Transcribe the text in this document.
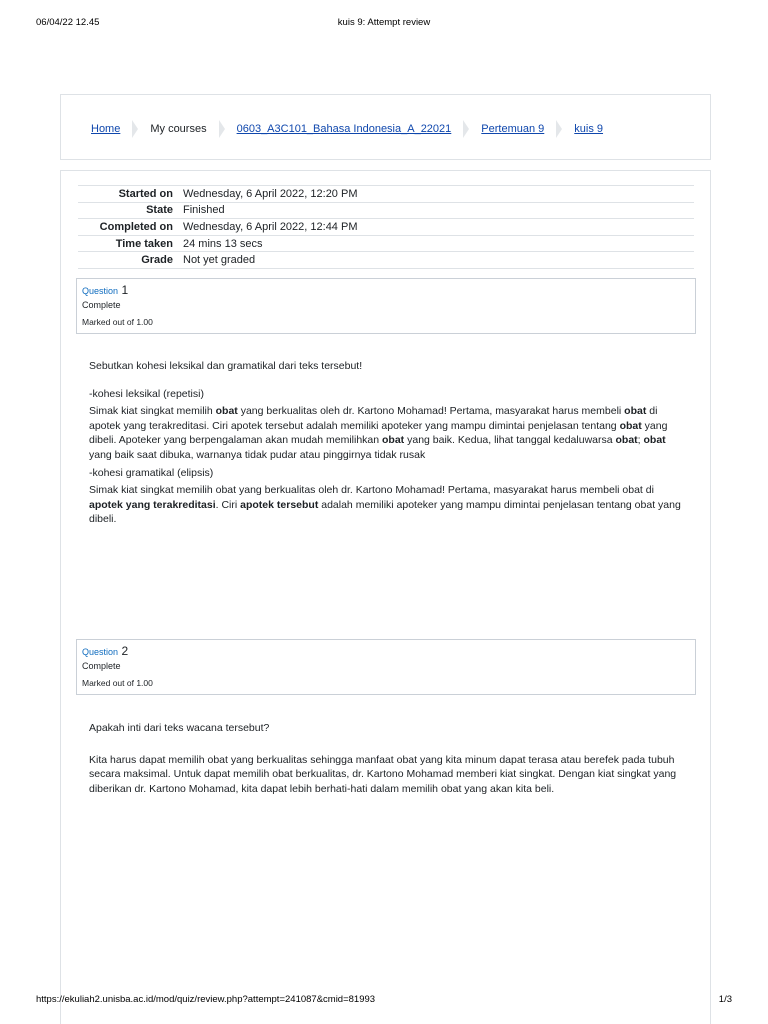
06/04/22 12.45	kuis 9: Attempt review
Home	My courses	0603_A3C101_Bahasa Indonesia_A_22021	Pertemuan 9	kuis 9
Started on	Wednesday, 6 April 2022, 12:20 PM
State	Finished
Completed on	Wednesday, 6 April 2022, 12:44 PM
Time taken	24 mins 13 secs
Grade	Not yet graded
Question 1
Complete
Marked out of 1.00

Sebutkan kohesi leksikal dan gramatikal dari teks tersebut!

-kohesi leksikal (repetisi)

Simak kiat singkat memilih obat yang berkualitas oleh dr. Kartono Mohamad! Pertama, masyarakat harus membeli obat di apotek yang terakreditasi. Ciri apotek tersebut adalah memiliki apoteker yang mampu dimintai penjelasan tentang obat yang dibeli. Apoteker yang berpengalaman akan mudah memilihkan obat yang baik. Kedua, lihat tanggal kedaluwarsa obat; obat yang baik saat dibuka, warnanya tidak pudar atau pinggirnya tidak rusak

-kohesi gramatikal (elipsis)

Simak kiat singkat memilih obat yang berkualitas oleh dr. Kartono Mohamad! Pertama, masyarakat harus membeli obat di apotek yang terakreditasi. Ciri apotek tersebut adalah memiliki apoteker yang mampu dimintai penjelasan tentang obat yang dibeli.

Question 2
Complete
Marked out of 1.00

Apakah inti dari teks wacana tersebut?

Kita harus dapat memilih obat yang berkualitas sehingga manfaat obat yang kita minum dapat terasa atau berefek pada tubuh secara maksimal. Untuk dapat memilih obat berkualitas, dr. Kartono Mohamad memberi kiat singkat. Dengan kiat singkat yang diberikan dr. Kartono Mohamad, kita dapat lebih berhati-hati dalam memilih obat yang akan kita beli.

https://ekuliah2.unisba.ac.id/mod/quiz/review.php?attempt=241087&cmid=81993	1/3
